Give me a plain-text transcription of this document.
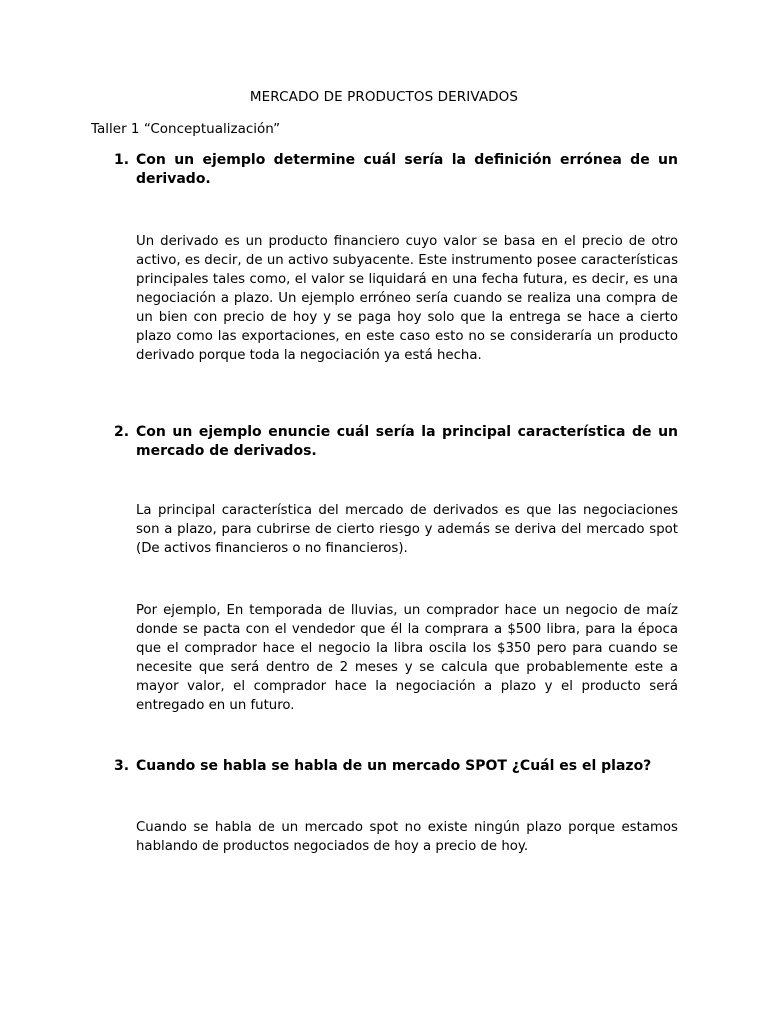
MERCADO DE PRODUCTOS DERIVADOS
Taller 1 “Conceptualización”
1. Con un ejemplo determine cuál sería la definición errónea de un derivado.
Un derivado es un producto financiero cuyo valor se basa en el precio de otro activo, es decir, de un activo subyacente. Este instrumento posee características principales tales como, el valor se liquidará en una fecha futura, es decir, es una negociación a plazo. Un ejemplo erróneo sería cuando se realiza una compra de un bien con precio de hoy y se paga hoy solo que la entrega se hace a cierto plazo como las exportaciones, en este caso esto no se consideraría un producto derivado porque toda la negociación ya está hecha.
2. Con un ejemplo enuncie cuál sería la principal característica de un mercado de derivados.
La principal característica del mercado de derivados es que las negociaciones son a plazo, para cubrirse de cierto riesgo y además se deriva del mercado spot (De activos financieros o no financieros).
Por ejemplo, En temporada de lluvias, un comprador hace un negocio de maíz donde se pacta con el vendedor que él la comprara a $500 libra, para la época que el comprador hace el negocio la libra oscila los $350 pero para cuando se necesite que será dentro de 2 meses y se calcula que probablemente este a mayor valor, el comprador hace la negociación a plazo y el producto será entregado en un futuro.
3. Cuando se habla se habla de un mercado SPOT ¿Cuál es el plazo?
Cuando se habla de un mercado spot no existe ningún plazo porque estamos hablando de productos negociados de hoy a precio de hoy.
